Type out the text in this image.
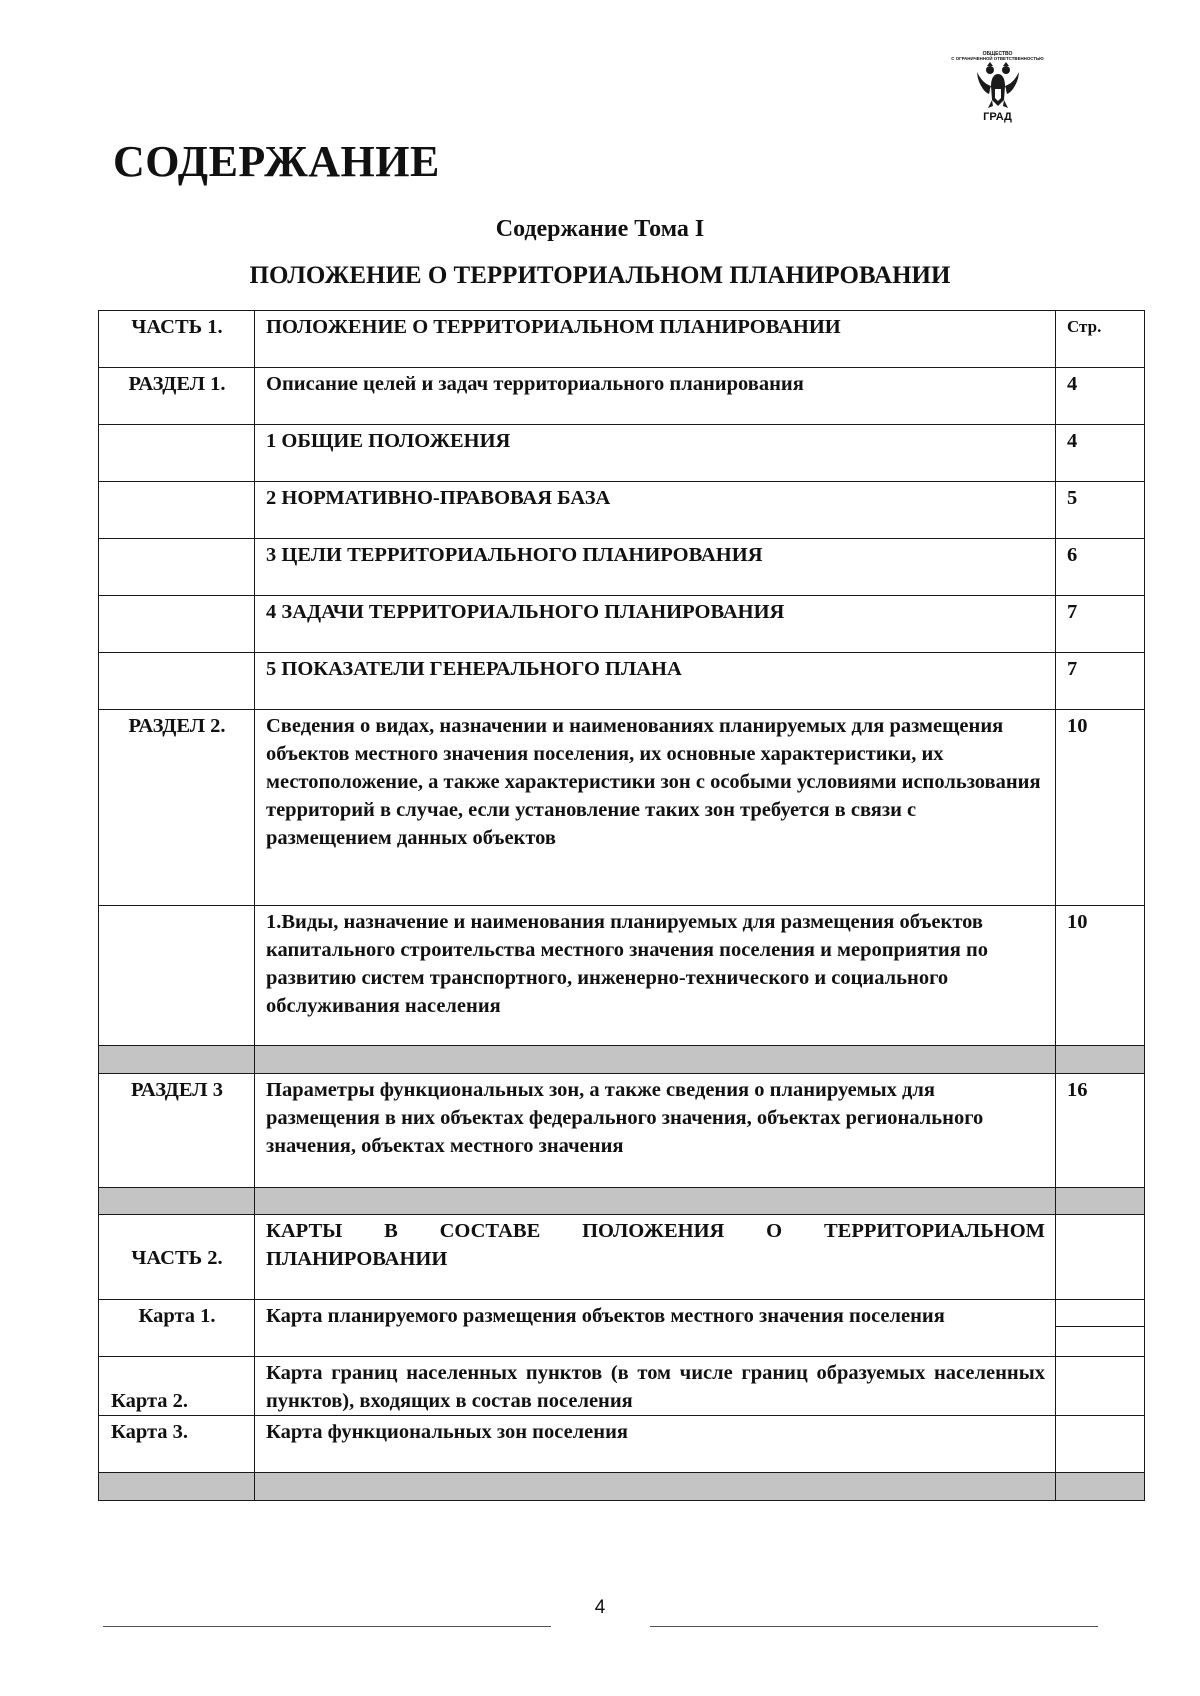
ОБЩЕСТВО
С ОГРАНИЧЕННОЙ ОТВЕТСТВЕННОСТЬЮ
ГРАД
СОДЕРЖАНИЕ
Содержание Тома I
ПОЛОЖЕНИЕ О ТЕРРИТОРИАЛЬНОМ ПЛАНИРОВАНИИ
ЧАСТЬ 1.	ПОЛОЖЕНИЕ О ТЕРРИТОРИАЛЬНОМ ПЛАНИРОВАНИИ	Стр.
РАЗДЕЛ 1.	Описание целей и задач территориального планирования	4
	1 ОБЩИЕ ПОЛОЖЕНИЯ	4
	2 НОРМАТИВНО-ПРАВОВАЯ БАЗА	5
	3 ЦЕЛИ ТЕРРИТОРИАЛЬНОГО ПЛАНИРОВАНИЯ	6
	4 ЗАДАЧИ ТЕРРИТОРИАЛЬНОГО ПЛАНИРОВАНИЯ	7
	5 ПОКАЗАТЕЛИ ГЕНЕРАЛЬНОГО ПЛАНА	7
РАЗДЕЛ 2.	Сведения о видах, назначении и наименованиях планируемых для размещения объектов местного значения поселения, их основные характеристики, их местоположение, а также характеристики зон с особыми условиями использования территорий в случае, если установление таких зон требуется в связи с размещением данных объектов	10
	1.Виды, назначение и наименования планируемых для размещения объектов капитального строительства местного значения поселения и мероприятия по развитию систем транспортного, инженерно-технического и социального обслуживания населения	10

РАЗДЕЛ 3	Параметры функциональных зон, а также сведения о планируемых для размещения в них объектах федерального значения, объектах регионального значения, объектах местного значения	16

ЧАСТЬ 2.	КАРТЫ В СОСТАВЕ ПОЛОЖЕНИЯ О ТЕРРИТОРИАЛЬНОМ ПЛАНИРОВАНИИ	
Карта 1.	Карта планируемого размещения объектов местного значения поселения	

Карта 2.	Карта границ населенных пунктов (в том числе границ образуемых населенных пунктов), входящих в состав поселения	
Карта 3.	Карта функциональных зон поселения	

4
